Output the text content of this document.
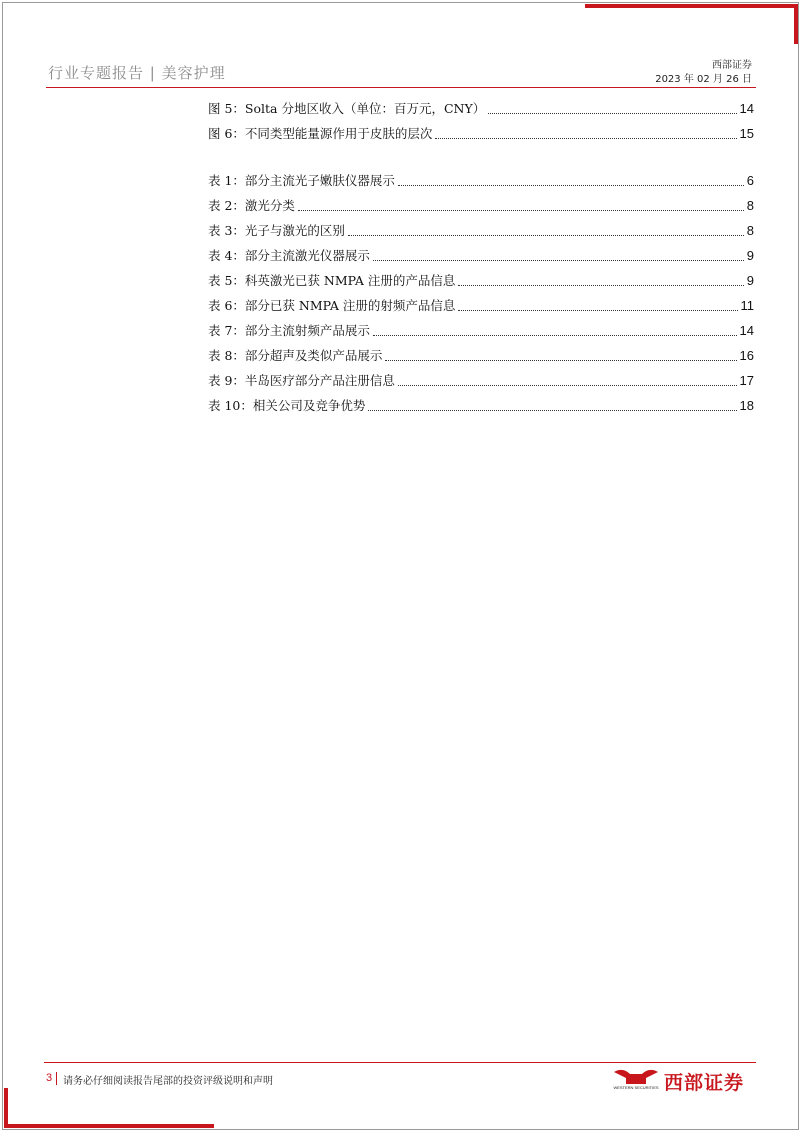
行业专题报告 | 美容护理	西部证券
2023 年 02 月 26 日
图 5：Solta 分地区收入（单位：百万元，CNY）	14
图 6：不同类型能量源作用于皮肤的层次	15
表 1：部分主流光子嫩肤仪器展示	6
表 2：激光分类	8
表 3：光子与激光的区别	8
表 4：部分主流激光仪器展示	9
表 5：科英激光已获 NMPA 注册的产品信息	9
表 6：部分已获 NMPA 注册的射频产品信息	11
表 7：部分主流射频产品展示	14
表 8：部分超声及类似产品展示	16
表 9：半岛医疗部分产品注册信息	17
表 10：相关公司及竞争优势	18
3 请务必仔细阅读报告尾部的投资评级说明和声明
WESTERN SECURITIES 西部证券
